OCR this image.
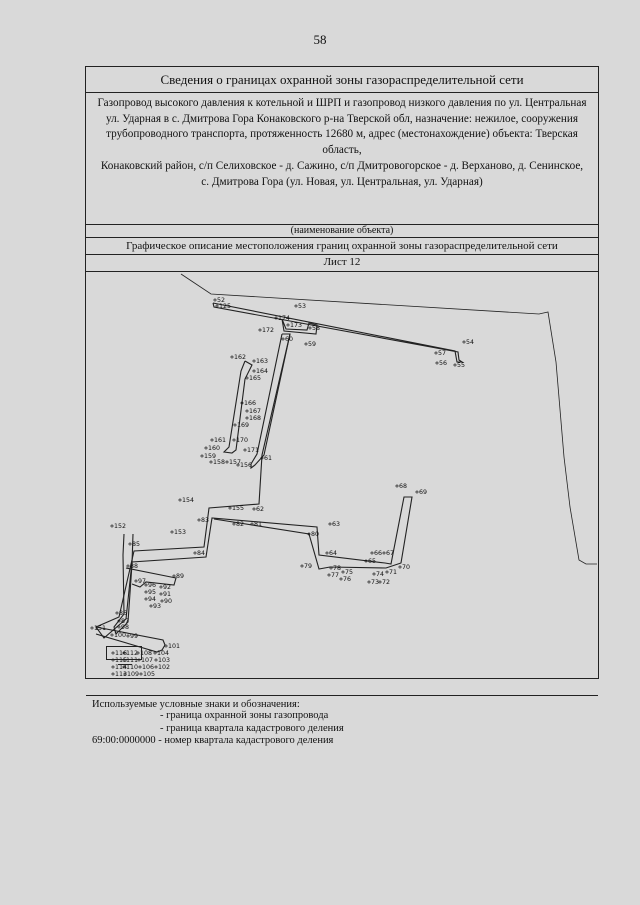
58
Сведения о границах охранной зоны газораспределительной сети
Газопровод высокого давления к котельной и ШРП и газопровод низкого давления по ул. Центральная
ул. Ударная в с. Дмитрова Гора Конаковского р-на Тверской обл, назначение: нежилое, сооружения
трубопроводного транспорта, протяженность 12680 м, адрес (местонахождение) объекта: Тверская область,
Конаковский район, с/п Селиховское - д. Сажино, с/п Дмитровогорское - д. Верханово, д. Сенинское,
с. Дмитрова Гора (ул. Новая, ул. Центральная, ул. Ударная)
(наименование объекта)
Графическое описание местоположения границ охранной зоны газораспределительной сети
Лист 12
52
125	53
174
173
172	58
60
59	54
57
56 55
162
163
164
165
166
167
168
169
161 170
160
159
171
158 157
156
61
68
69
154
155 62
83
82 81	63
80
152
153
85
84	64	66 67
79
65
70
88
89
78
75	74 71
77
76	73 72
97
96 92
95 91
94 90
93
86
87
98
151
100 99
101
116
112 108 104
115
111 107 103
114
110 106 102
113 109 105
Используемые условные знаки и обозначения:
- граница охранной зоны газопровода
- граница квартала кадастрового деления
69:00:0000000 - номер квартала кадастрового деления
